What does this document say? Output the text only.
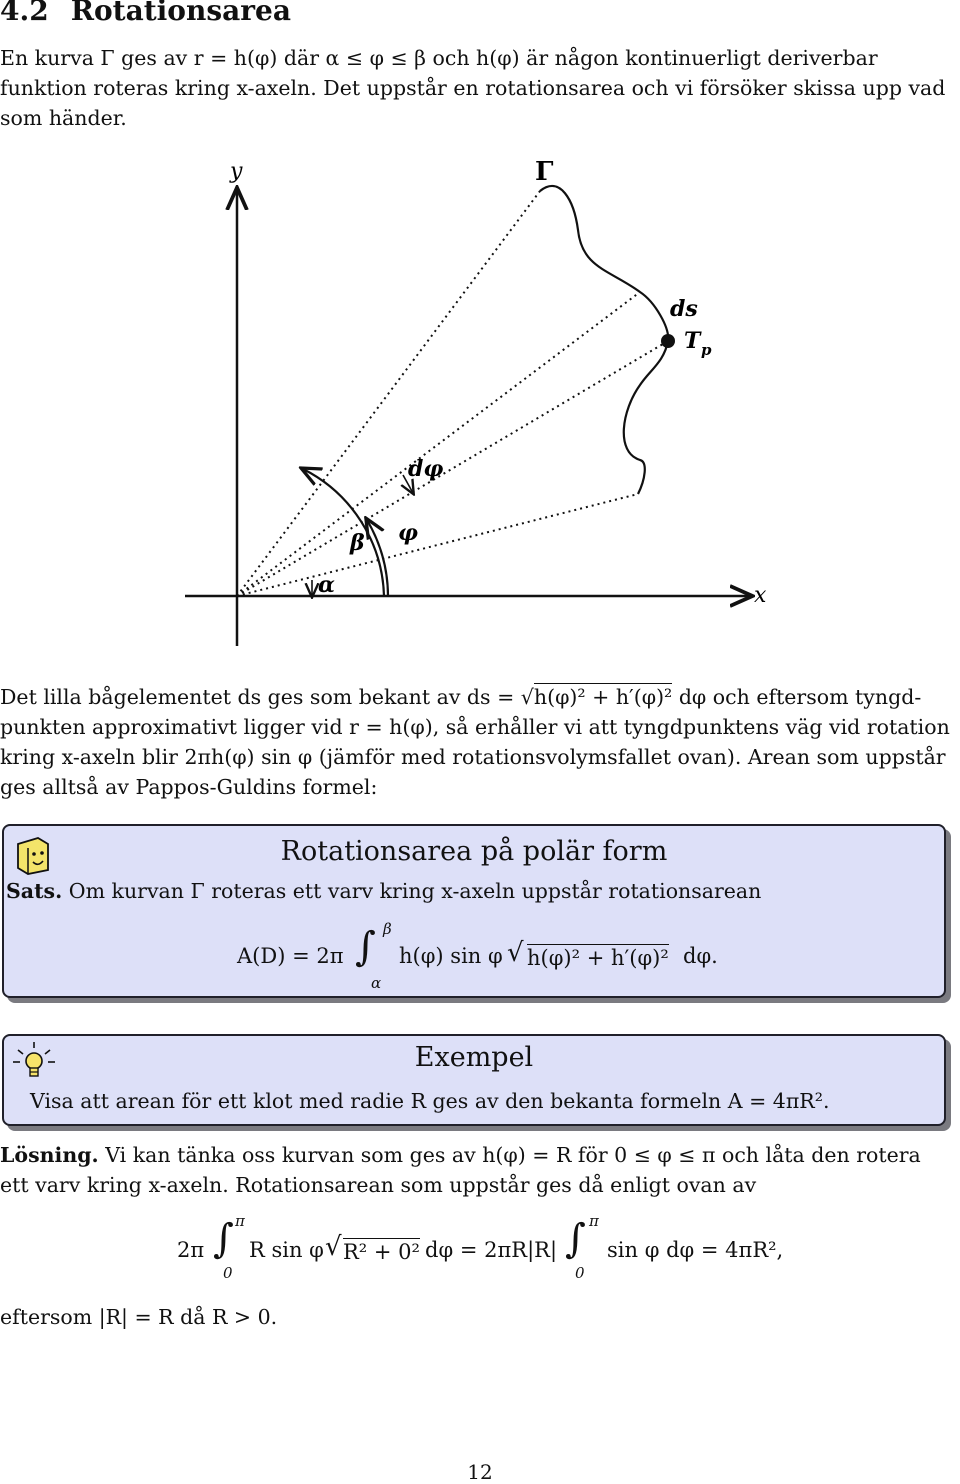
4.2 Rotationsarea

En kurva Γ ges av r = h(φ) där α ≤ φ ≤ β och h(φ) är någon kontinuerligt deriverbar

funktion roteras kring x-axeln. Det uppstår en rotationsarea och vi försöker skissa upp vad

som händer.

y
x
Γ
ds
T p
dφ
β φ
α

Det lilla bågelementet ds ges som bekant av ds = √h(φ)² + h′(φ)² dφ och eftersom tyngd-

punkten approximativt ligger vid r = h(φ), så erhåller vi att tyngdpunktens väg vid rotation

kring x-axeln blir 2πh(φ) sin φ (jämför med rotationsvolymsfallet ovan). Arean som uppstår

ges alltså av Pappos-Guldins formel:

Rotationsarea på polär form
Sats. Om kurvan Γ roteras ett varv kring x-axeln uppstår rotationsarean
A(D) = 2π ∫ β
α
h(φ) sin φ √ h(φ)² + h′(φ)² dφ.
Exempel
Visa att arean för ett klot med radie R ges av den bekanta formeln A = 4πR².

Lösning. Vi kan tänka oss kurvan som ges av h(φ) = R för 0 ≤ φ ≤ π och låta den rotera

ett varv kring x-axeln. Rotationsarean som uppstår ges då enligt ovan av

2π ∫ π
0
R sin φ √ R² + 0² dφ = 2πR|R| ∫ π
0
sin φ dφ = 4πR²,
eftersom |R| = R då R > 0.
12
